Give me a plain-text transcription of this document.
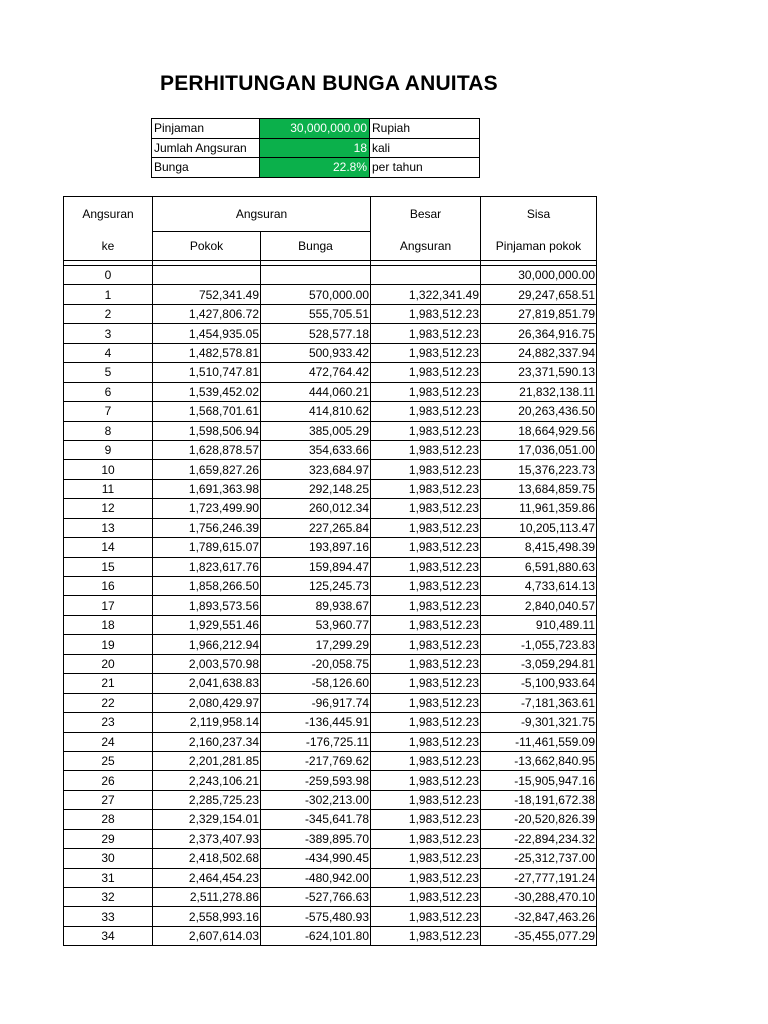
PERHITUNGAN BUNGA ANUITAS
Pinjaman	30,000,000.00	Rupiah
Jumlah Angsuran	18	kali
Bunga	22.8%	per tahun
Angsuran	Angsuran		Besar	Sisa
ke	Pokok	Bunga	Angsuran	Pinjaman pokok

0				30,000,000.00
1	752,341.49	570,000.00	1,322,341.49	29,247,658.51
2	1,427,806.72	555,705.51	1,983,512.23	27,819,851.79
3	1,454,935.05	528,577.18	1,983,512.23	26,364,916.75
4	1,482,578.81	500,933.42	1,983,512.23	24,882,337.94
5	1,510,747.81	472,764.42	1,983,512.23	23,371,590.13
6	1,539,452.02	444,060.21	1,983,512.23	21,832,138.11
7	1,568,701.61	414,810.62	1,983,512.23	20,263,436.50
8	1,598,506.94	385,005.29	1,983,512.23	18,664,929.56
9	1,628,878.57	354,633.66	1,983,512.23	17,036,051.00
10	1,659,827.26	323,684.97	1,983,512.23	15,376,223.73
11	1,691,363.98	292,148.25	1,983,512.23	13,684,859.75
12	1,723,499.90	260,012.34	1,983,512.23	11,961,359.86
13	1,756,246.39	227,265.84	1,983,512.23	10,205,113.47
14	1,789,615.07	193,897.16	1,983,512.23	8,415,498.39
15	1,823,617.76	159,894.47	1,983,512.23	6,591,880.63
16	1,858,266.50	125,245.73	1,983,512.23	4,733,614.13
17	1,893,573.56	89,938.67	1,983,512.23	2,840,040.57
18	1,929,551.46	53,960.77	1,983,512.23	910,489.11
19	1,966,212.94	17,299.29	1,983,512.23	-1,055,723.83
20	2,003,570.98	-20,058.75	1,983,512.23	-3,059,294.81
21	2,041,638.83	-58,126.60	1,983,512.23	-5,100,933.64
22	2,080,429.97	-96,917.74	1,983,512.23	-7,181,363.61
23	2,119,958.14	-136,445.91	1,983,512.23	-9,301,321.75
24	2,160,237.34	-176,725.11	1,983,512.23	-11,461,559.09
25	2,201,281.85	-217,769.62	1,983,512.23	-13,662,840.95
26	2,243,106.21	-259,593.98	1,983,512.23	-15,905,947.16
27	2,285,725.23	-302,213.00	1,983,512.23	-18,191,672.38
28	2,329,154.01	-345,641.78	1,983,512.23	-20,520,826.39
29	2,373,407.93	-389,895.70	1,983,512.23	-22,894,234.32
30	2,418,502.68	-434,990.45	1,983,512.23	-25,312,737.00
31	2,464,454.23	-480,942.00	1,983,512.23	-27,777,191.24
32	2,511,278.86	-527,766.63	1,983,512.23	-30,288,470.10
33	2,558,993.16	-575,480.93	1,983,512.23	-32,847,463.26
34	2,607,614.03	-624,101.80	1,983,512.23	-35,455,077.29
